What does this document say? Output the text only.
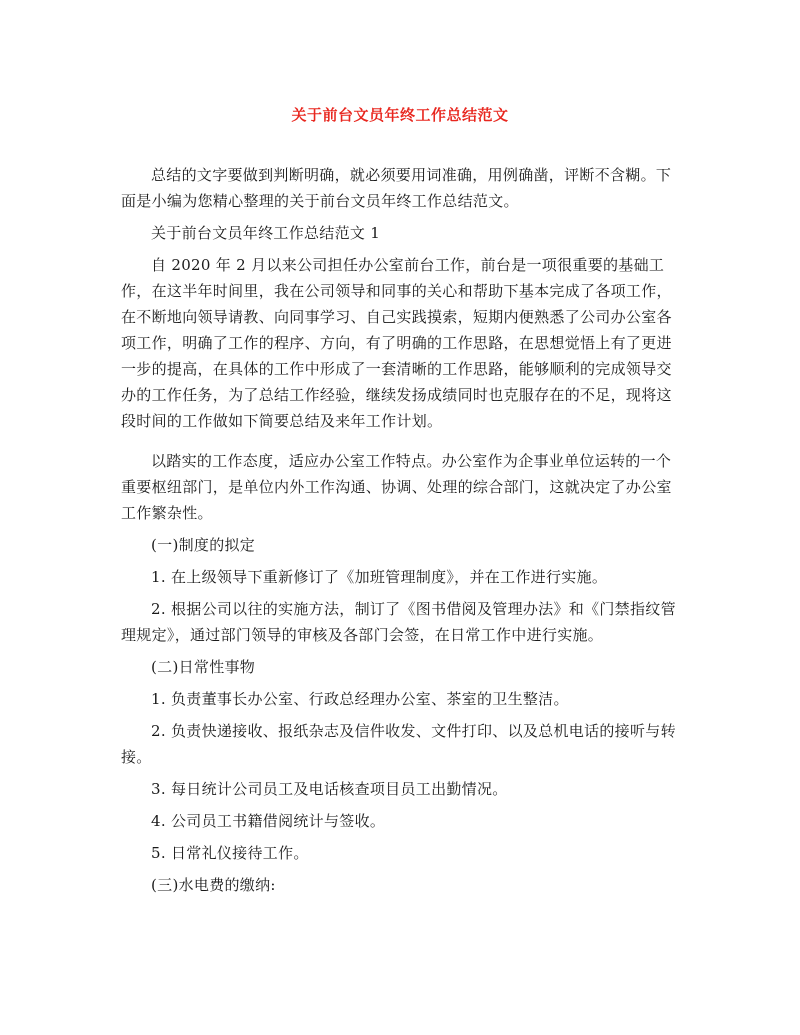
关于前台文员年终工作总结范文

总结的文字要做到判断明确，就必须要用词准确，用例确凿，评断不含糊。下面是小编为您精心整理的关于前台文员年终工作总结范文。

关于前台文员年终工作总结范文 1

自 2020 年 2 月以来公司担任办公室前台工作，前台是一项很重要的基础工作，在这半年时间里，我在公司领导和同事的关心和帮助下基本完成了各项工作，在不断地向领导请教、向同事学习、自己实践摸索，短期内便熟悉了公司办公室各项工作，明确了工作的程序、方向，有了明确的工作思路，在思想觉悟上有了更进一步的提高，在具体的工作中形成了一套清晰的工作思路，能够顺利的完成领导交办的工作任务，为了总结工作经验，继续发扬成绩同时也克服存在的不足，现将这段时间的工作做如下简要总结及来年工作计划。

以踏实的工作态度，适应办公室工作特点。办公室作为企事业单位运转的一个重要枢纽部门，是单位内外工作沟通、协调、处理的综合部门，这就决定了办公室工作繁杂性。

(一)制度的拟定

1. 在上级领导下重新修订了《加班管理制度》，并在工作进行实施。

2. 根据公司以往的实施方法，制订了《图书借阅及管理办法》和《门禁指纹管理规定》，通过部门领导的审核及各部门会签，在日常工作中进行实施。

(二)日常性事物

1. 负责董事长办公室、行政总经理办公室、茶室的卫生整洁。

2. 负责快递接收、报纸杂志及信件收发、文件打印、以及总机电话的接听与转接。

3. 每日统计公司员工及电话核查项目员工出勤情况。

4. 公司员工书籍借阅统计与签收。

5. 日常礼仪接待工作。

(三)水电费的缴纳:
